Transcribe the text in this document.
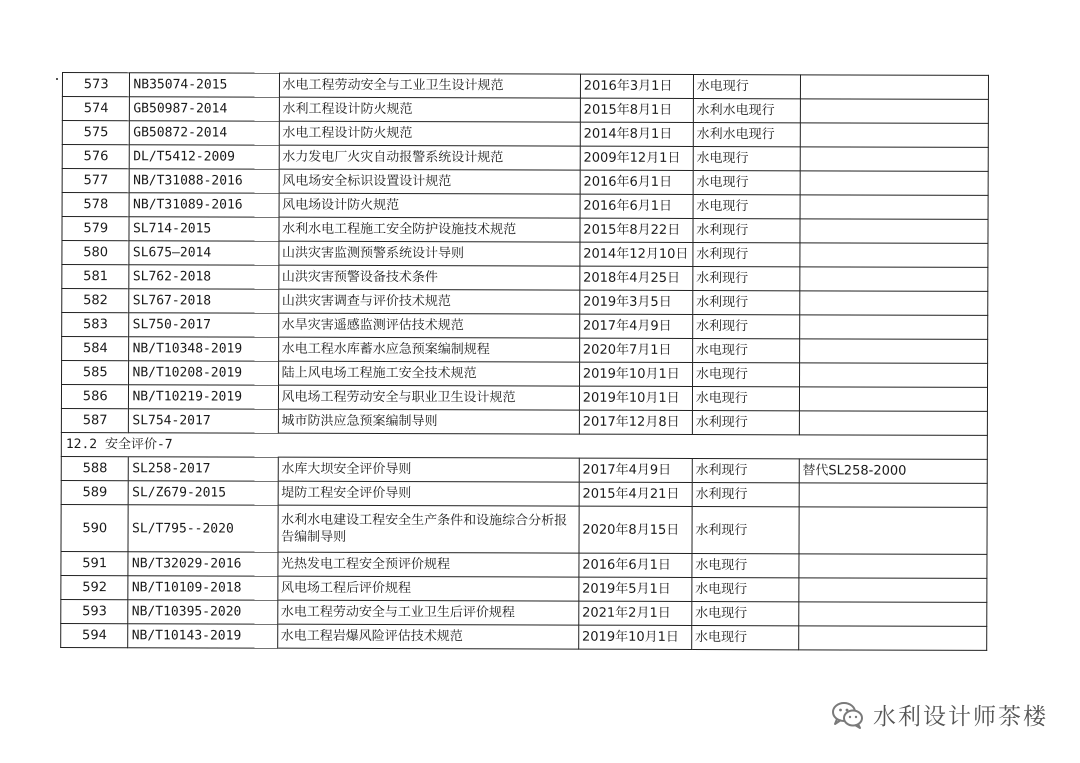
573	NB35074-2015	水电工程劳动安全与工业卫生设计规范	2016年3月1日	水电现行	
574	GB50987-2014	水利工程设计防火规范	2015年8月1日	水利水电现行	
575	GB50872-2014	水电工程设计防火规范	2014年8月1日	水利水电现行	
576	DL/T5412-2009	水力发电厂火灾自动报警系统设计规范	2009年12月1日	水电现行	
577	NB/T31088-2016	风电场安全标识设置设计规范	2016年6月1日	水电现行	
578	NB/T31089-2016	风电场设计防火规范	2016年6月1日	水电现行	
579	SL714-2015	水利水电工程施工安全防护设施技术规范	2015年8月22日	水利现行	
580	SL675—2014	山洪灾害监测预警系统设计导则	2014年12月10日	水利现行	
581	SL762-2018	山洪灾害预警设备技术条件	2018年4月25日	水利现行	
582	SL767-2018	山洪灾害调查与评价技术规范	2019年3月5日	水利现行	
583	SL750-2017	水旱灾害遥感监测评估技术规范	2017年4月9日	水利现行	
584	NB/T10348-2019	水电工程水库蓄水应急预案编制规程	2020年7月1日	水电现行	
585	NB/T10208-2019	陆上风电场工程施工安全技术规范	2019年10月1日	水电现行	
586	NB/T10219-2019	风电场工程劳动安全与职业卫生设计规范	2019年10月1日	水电现行	
587	SL754-2017	城市防洪应急预案编制导则	2017年12月8日	水利现行	
12.2 安全评价-7					
588	SL258-2017	水库大坝安全评价导则	2017年4月9日	水利现行	替代SL258-2000
589	SL/Z679-2015	堤防工程安全评价导则	2015年4月21日	水利现行	
590	SL/T795--2020	水利水电建设工程安全生产条件和设施综合分析报告编制导则	2020年8月15日	水利现行	
591	NB/T32029-2016	光热发电工程安全预评价规程	2016年6月1日	水电现行	
592	NB/T10109-2018	风电场工程后评价规程	2019年5月1日	水电现行	
593	NB/T10395-2020	水电工程劳动安全与工业卫生后评价规程	2021年2月1日	水电现行	
594	NB/T10143-2019	水电工程岩爆风险评估技术规范	2019年10月1日	水电现行	
水利设计师茶楼
